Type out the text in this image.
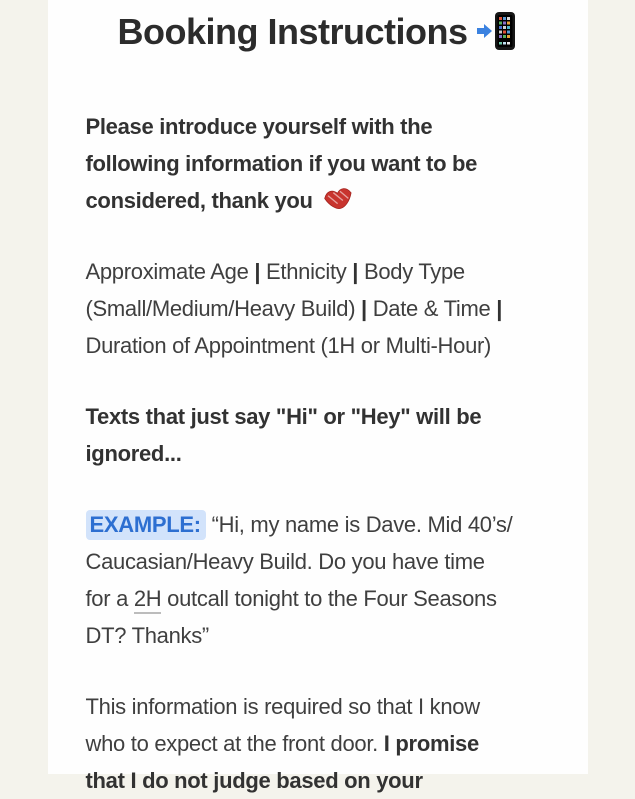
Booking Instructions

Please introduce yourself with the
following information if you want to be
considered, thank you

Approximate Age | Ethnicity | Body Type
(Small/Medium/Heavy Build) | Date & Time |
Duration of Appointment (1H or Multi-Hour)

Texts that just say "Hi" or "Hey" will be
ignored...

EXAMPLE: “Hi, my name is Dave. Mid 40’s/
Caucasian/Heavy Build. Do you have time
for a 2H outcall tonight to the Four Seasons
DT? Thanks”

This information is required so that I know
who to expect at the front door. I promise
that I do not judge based on your
